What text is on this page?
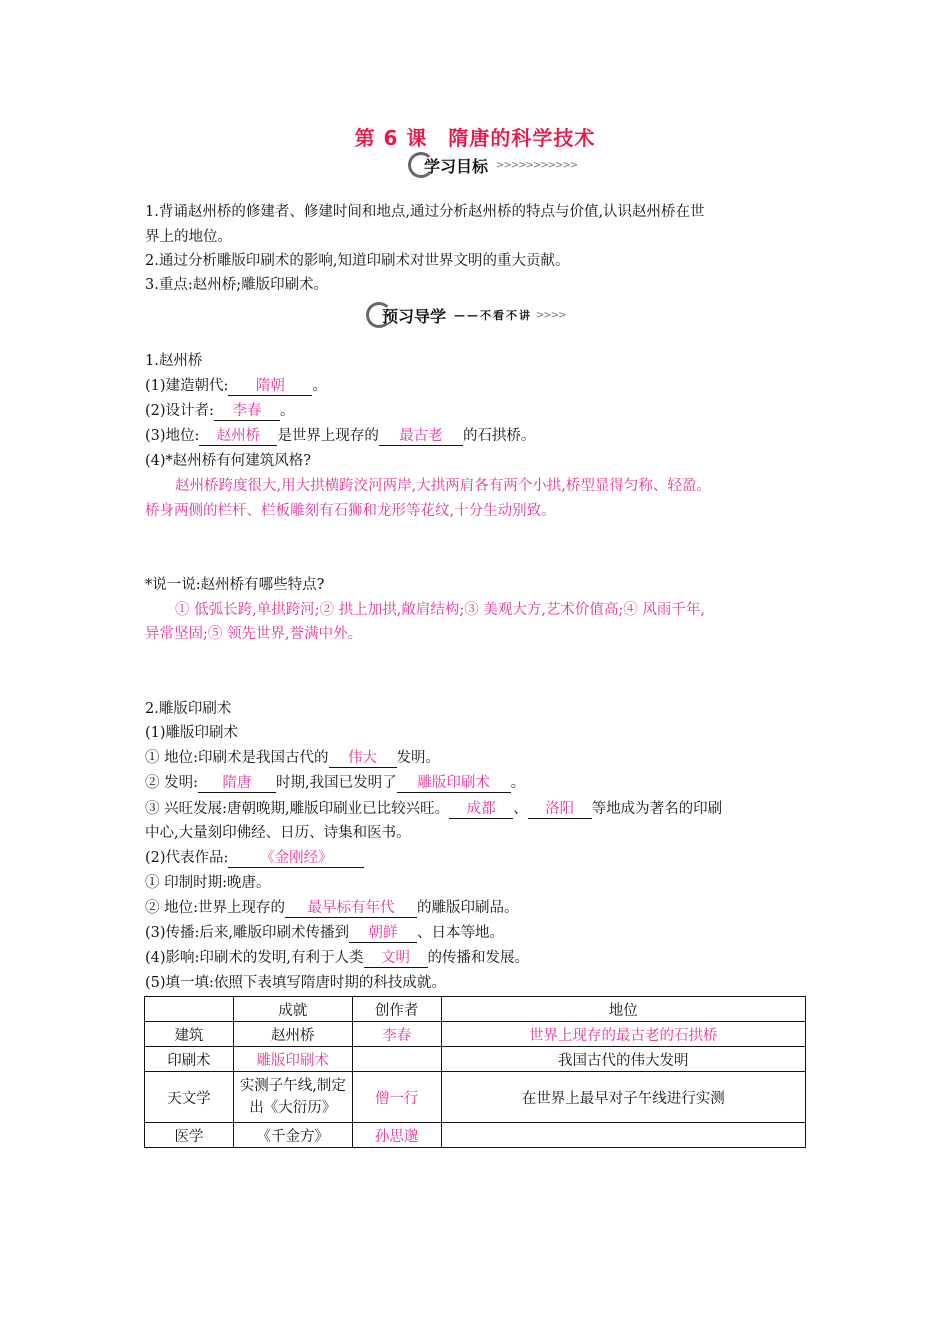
第 6 课　隋唐的科学技术
学习目标 >>>>>>>>>>>
1.背诵赵州桥的修建者、修建时间和地点,通过分析赵州桥的特点与价值,认识赵州桥在世
界上的地位。
2.通过分析雕版印刷术的影响,知道印刷术对世界文明的重大贡献。
3.重点:赵州桥;雕版印刷术。
预习导学 ——不看不讲 >>>>
1.赵州桥
(1)建造朝代: 隋朝 。
(2)设计者: 李春 。
(3)地位: 赵州桥 是世界上现存的 最古老 的石拱桥。
(4)*赵州桥有何建筑风格?
赵州桥跨度很大,用大拱横跨洨河两岸,大拱两肩各有两个小拱,桥型显得匀称、轻盈。
桥身两侧的栏杆、栏板雕刻有石狮和龙形等花纹,十分生动别致。
*说一说:赵州桥有哪些特点?
① 低弧长跨,单拱跨河;② 拱上加拱,敞肩结构;③ 美观大方,艺术价值高;④ 风雨千年,
异常坚固;⑤ 领先世界,誉满中外。
2.雕版印刷术
(1)雕版印刷术
① 地位:印刷术是我国古代的 伟大 发明。
② 发明: 隋唐 时期,我国已发明了 雕版印刷术 。
③ 兴旺发展:唐朝晚期,雕版印刷业已比较兴旺。 成都 、 洛阳 等地成为著名的印刷
中心,大量刻印佛经、日历、诗集和医书。
(2)代表作品: 《金刚经》
① 印制时期:晚唐。
② 地位:世界上现存的 最早标有年代 的雕版印刷品。
(3)传播:后来,雕版印刷术传播到 朝鲜 、日本等地。
(4)影响:印刷术的发明,有利于人类 文明 的传播和发展。
(5)填一填:依照下表填写隋唐时期的科技成就。
	成就	创作者	地位
建筑	赵州桥	李春	世界上现存的最古老的石拱桥
印刷术	雕版印刷术		我国古代的伟大发明
天文学	实测子午线,制定出《大衍历》	僧一行	在世界上最早对子午线进行实测
医学	《千金方》	孙思邈	
